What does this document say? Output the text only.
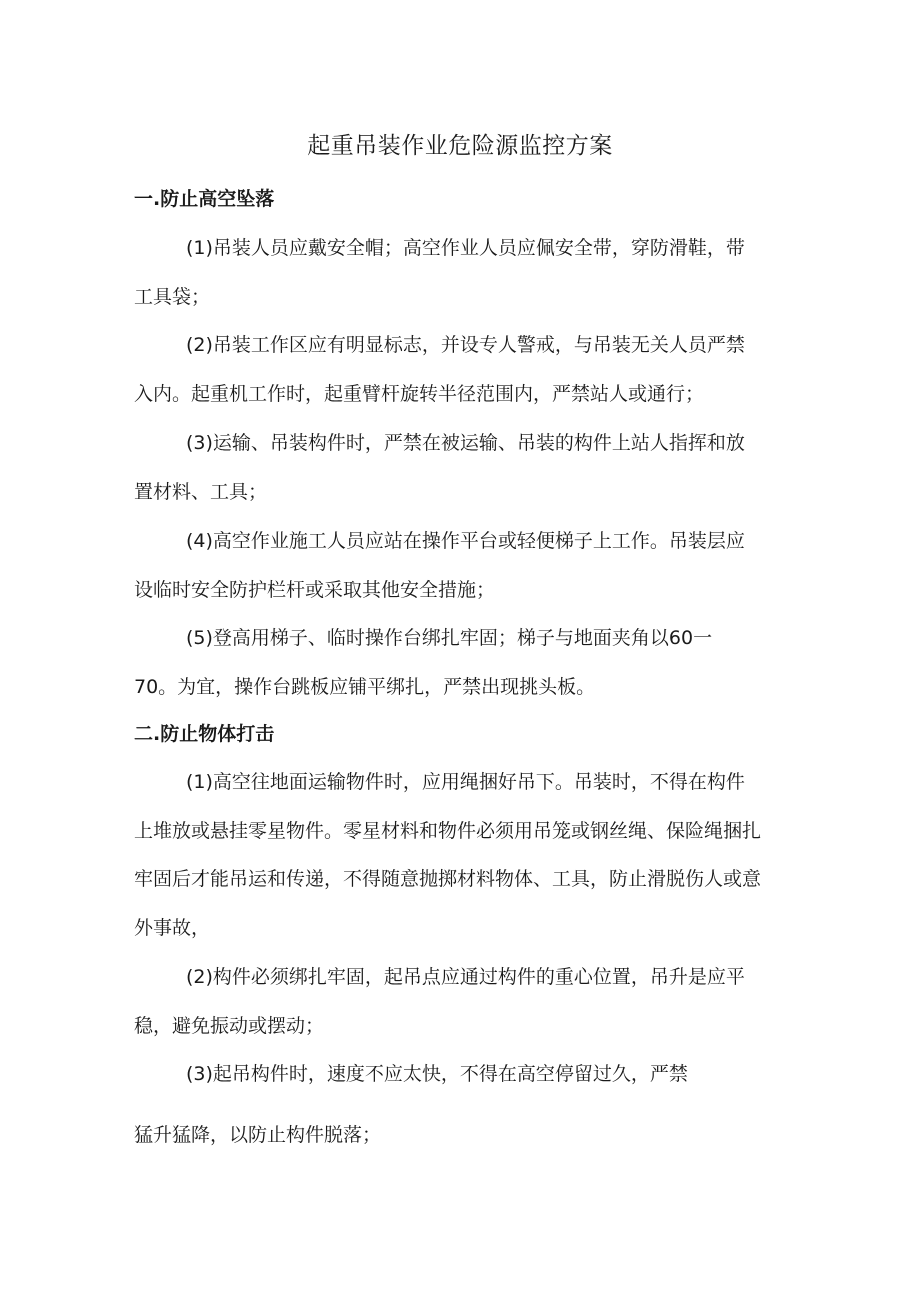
起重吊装作业危险源监控方案
一.防止高空坠落

(1)吊装人员应戴安全帽；高空作业人员应佩安全带，穿防滑鞋，带

工具袋；

(2)吊装工作区应有明显标志，并设专人警戒，与吊装无关人员严禁

入内。起重机工作时，起重臂杆旋转半径范围内，严禁站人或通行；

(3)运输、吊装构件时，严禁在被运输、吊装的构件上站人指挥和放

置材料、工具；

(4)高空作业施工人员应站在操作平台或轻便梯子上工作。吊装层应

设临时安全防护栏杆或采取其他安全措施；

(5)登高用梯子、临时操作台绑扎牢固；梯子与地面夹角以60一

70。为宜，操作台跳板应铺平绑扎，严禁出现挑头板。

二.防止物体打击

(1)高空往地面运输物件时，应用绳捆好吊下。吊装时，不得在构件

上堆放或悬挂零星物件。零星材料和物件必须用吊笼或钢丝绳、保险绳捆扎

牢固后才能吊运和传递，不得随意抛掷材料物体、工具，防止滑脱伤人或意

外事故，

(2)构件必须绑扎牢固，起吊点应通过构件的重心位置，吊升是应平

稳，避免振动或摆动；

(3)起吊构件时，速度不应太快，不得在高空停留过久，严禁

猛升猛降，以防止构件脱落；
